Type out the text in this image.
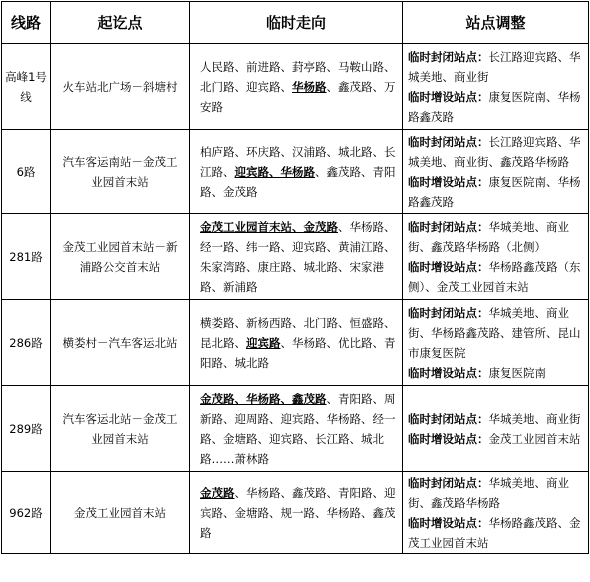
线路	起讫点	临时走向	站点调整
高峰1号线	火车站北广场－斜塘村	人民路、前进路、葑亭路、马鞍山路、北门路、迎宾路、华杨路、鑫茂路、万安路	临时封闭站点：长江路迎宾路、华城美地、商业街
临时增设站点：康复医院南、华杨路鑫茂路
6路	汽车客运南站－金茂工业园首末站	柏庐路、环庆路、汉浦路、城北路、长江路、迎宾路、华杨路、鑫茂路、青阳路、金茂路	临时封闭站点：长江路迎宾路、华城美地、商业街、鑫茂路华杨路
临时增设站点：康复医院南、华杨路鑫茂路
281路	金茂工业园首末站－新浦路公交首末站	金茂工业园首末站、金茂路、华杨路、经一路、纬一路、迎宾路、黄浦江路、朱家湾路、康庄路、城北路、宋家港路、新浦路	临时封闭站点：华城美地、商业街、鑫茂路华杨路（北侧）
临时增设站点：华杨路鑫茂路（东侧）、金茂工业园首末站
286路	横娄村－汽车客运北站	横娄路、新杨西路、北门路、恒盛路、昆北路、迎宾路、华杨路、优比路、青阳路、城北路	临时封闭站点：华城美地、商业街、华杨路鑫茂路、建管所、昆山市康复医院
临时增设站点：康复医院南
289路	汽车客运北站－金茂工业园首末站	金茂路、华杨路、鑫茂路、青阳路、周新路、迎周路、迎宾路、华杨路、经一路、金塘路、迎宾路、长江路、城北路……萧林路	临时封闭站点：华城美地、商业街
临时增设站点：金茂工业园首末站
962路	金茂工业园首末站	金茂路、华杨路、鑫茂路、青阳路、迎宾路、金塘路、规一路、华杨路、鑫茂路	临时封闭站点：华城美地、商业街、鑫茂路华杨路
临时增设站点：华杨路鑫茂路、金茂工业园首末站
